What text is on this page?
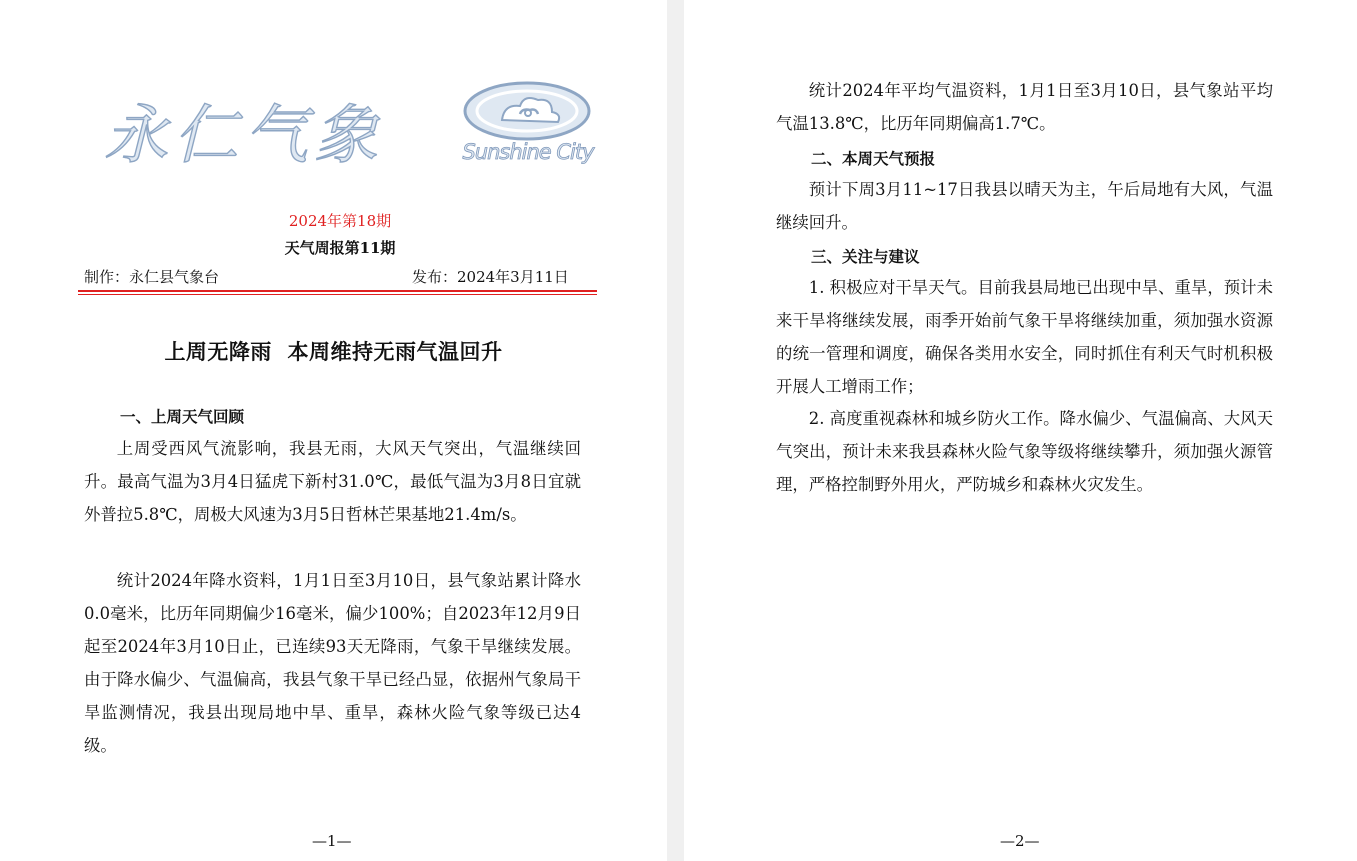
永仁气象	Sunshine City
2024年第18期
天气周报第11期
制作：永仁县气象台	发布：2024年3月11日
上周无降雨  本周维持无雨气温回升
一、上周天气回顾

上周受西风气流影响，我县无雨，大风天气突出，气温继续回升。最高气温为3月4日猛虎下新村31.0℃，最低气温为3月8日宜就外普拉5.8℃，周极大风速为3月5日哲林芒果基地21.4m/s。

统计2024年降水资料，1月1日至3月10日，县气象站累计降水0.0毫米，比历年同期偏少16毫米，偏少100%；自2023年12月9日起至2024年3月10日止，已连续93天无降雨，气象干旱继续发展。由于降水偏少、气温偏高，我县气象干旱已经凸显，依据州气象局干旱监测情况，我县出现局地中旱、重旱，森林火险气象等级已达4级。

—1—

统计2024年平均气温资料，1月1日至3月10日，县气象站平均气温13.8℃，比历年同期偏高1.7℃。

二、本周天气预报

预计下周3月11~17日我县以晴天为主，午后局地有大风，气温继续回升。

三、关注与建议

1. 积极应对干旱天气。目前我县局地已出现中旱、重旱，预计未来干旱将继续发展，雨季开始前气象干旱将继续加重，须加强水资源的统一管理和调度，确保各类用水安全，同时抓住有利天气时机积极开展人工增雨工作；

2. 高度重视森林和城乡防火工作。降水偏少、气温偏高、大风天气突出，预计未来我县森林火险气象等级将继续攀升，须加强火源管理，严格控制野外用火，严防城乡和森林火灾发生。

—2—
